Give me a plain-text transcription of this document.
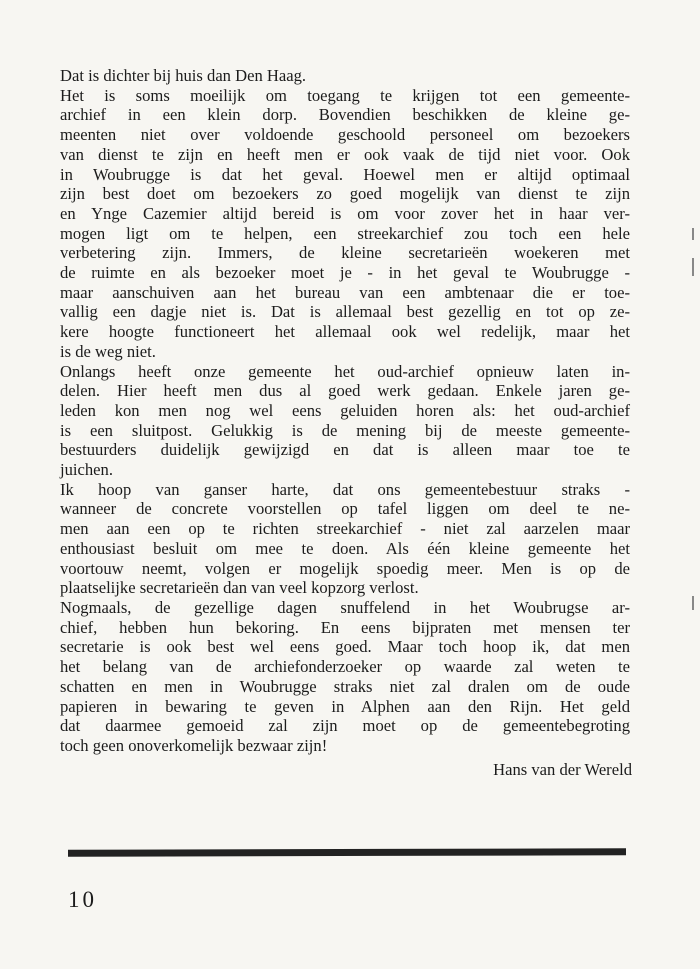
Dat is dichter bij huis dan Den Haag.
Het is soms moeilijk om toegang te krijgen tot een gemeente-
archief in een klein dorp. Bovendien beschikken de kleine ge-
meenten niet over voldoende geschoold personeel om bezoekers
van dienst te zijn en heeft men er ook vaak de tijd niet voor. Ook
in Woubrugge is dat het geval. Hoewel men er altijd optimaal
zijn best doet om bezoekers zo goed mogelijk van dienst te zijn
en Ynge Cazemier altijd bereid is om voor zover het in haar ver-
mogen ligt om te helpen, een streekarchief zou toch een hele
verbetering zijn. Immers, de kleine secretarieën woekeren met
de ruimte en als bezoeker moet je - in het geval te Woubrugge -
maar aanschuiven aan het bureau van een ambtenaar die er toe-
vallig een dagje niet is. Dat is allemaal best gezellig en tot op ze-
kere hoogte functioneert het allemaal ook wel redelijk, maar het
is de weg niet.
Onlangs heeft onze gemeente het oud-archief opnieuw laten in-
delen. Hier heeft men dus al goed werk gedaan. Enkele jaren ge-
leden kon men nog wel eens geluiden horen als: het oud-archief
is een sluitpost. Gelukkig is de mening bij de meeste gemeente-
bestuurders duidelijk gewijzigd en dat is alleen maar toe te
juichen.
Ik hoop van ganser harte, dat ons gemeentebestuur straks -
wanneer de concrete voorstellen op tafel liggen om deel te ne-
men aan een op te richten streekarchief - niet zal aarzelen maar
enthousiast besluit om mee te doen. Als één kleine gemeente het
voortouw neemt, volgen er mogelijk spoedig meer. Men is op de
plaatselijke secretarieën dan van veel kopzorg verlost.
Nogmaals, de gezellige dagen snuffelend in het Woubrugse ar-
chief, hebben hun bekoring. En eens bijpraten met mensen ter
secretarie is ook best wel eens goed. Maar toch hoop ik, dat men
het belang van de archiefonderzoeker op waarde zal weten te
schatten en men in Woubrugge straks niet zal dralen om de oude
papieren in bewaring te geven in Alphen aan den Rijn. Het geld
dat daarmee gemoeid zal zijn moet op de gemeentebegroting
toch geen onoverkomelijk bezwaar zijn!
Hans van der Wereld
10
